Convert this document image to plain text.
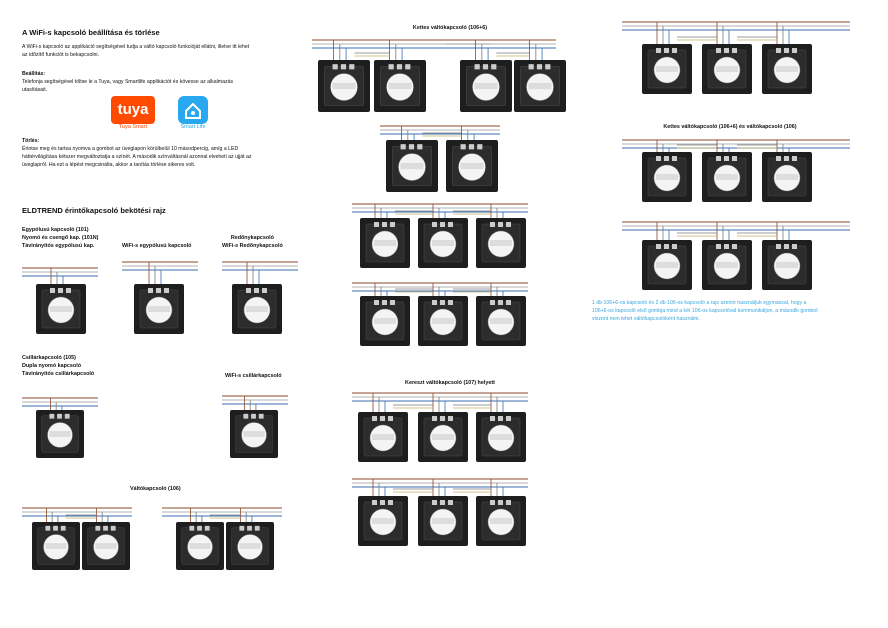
A WiFi-s kapcsoló beállítása és törlése
A WiFi-s kapcsoló az applikáció segítségével tudja a váltó kapcsoló funkcióját ellátni, illetve itt lehet
az időzítő funkciót is bekapcsolni.
Beállítás:
Telefonja segítségével töltse le a Tuya, vagy Smartlife applikációt és kövesse az alkalmazás
utasításait.
tuya
Tuya Smart	Smart Life
Törlés:
Érintse meg és tartsa nyomva a gombot az üveglapon körülbelül 10 másodpercig, amíg a LED
háttérvilágítása kétszer megváltoztatja a színét. A második színváltásnál azonnal elveheti az ujját az
üveglapról. Ha ezt a lépést megcsinálta, akkor a tanítás törlése sikeres volt.
ELDTREND érintőkapcsoló bekötési rajz
Egypólusú kapcsoló (101)
Nyomó és csengő kap. (101N)
Távirányítós egypólusú kap.	WiFi-s egypólusú kapcsoló
Redőnykapcsoló
WiFi-s Redőnykapcsoló
Csillárkapcsoló (105)
Dupla nyomó kapcsoló
Távirányítós csillárkapcsoló	WiFi-s csillárkapcsoló
Váltókapcsoló (106)
Kettes váltókapcsoló (106+6)
Kereszt váltókapcsoló (107) helyett
Kettes váltókapcsoló (106+6) és váltókapcsoló (106)
1 db 106+6-os kapcsoló és 2 db 106-os kapcsoló a rajz szerint használjuk egymással, hogy a
106+6-os kapcsoló első gombja mind a két 106-os kapcsolóval kommunikáljon, a második gombot
viszont nem lehet váltókapcsolóként használni.
